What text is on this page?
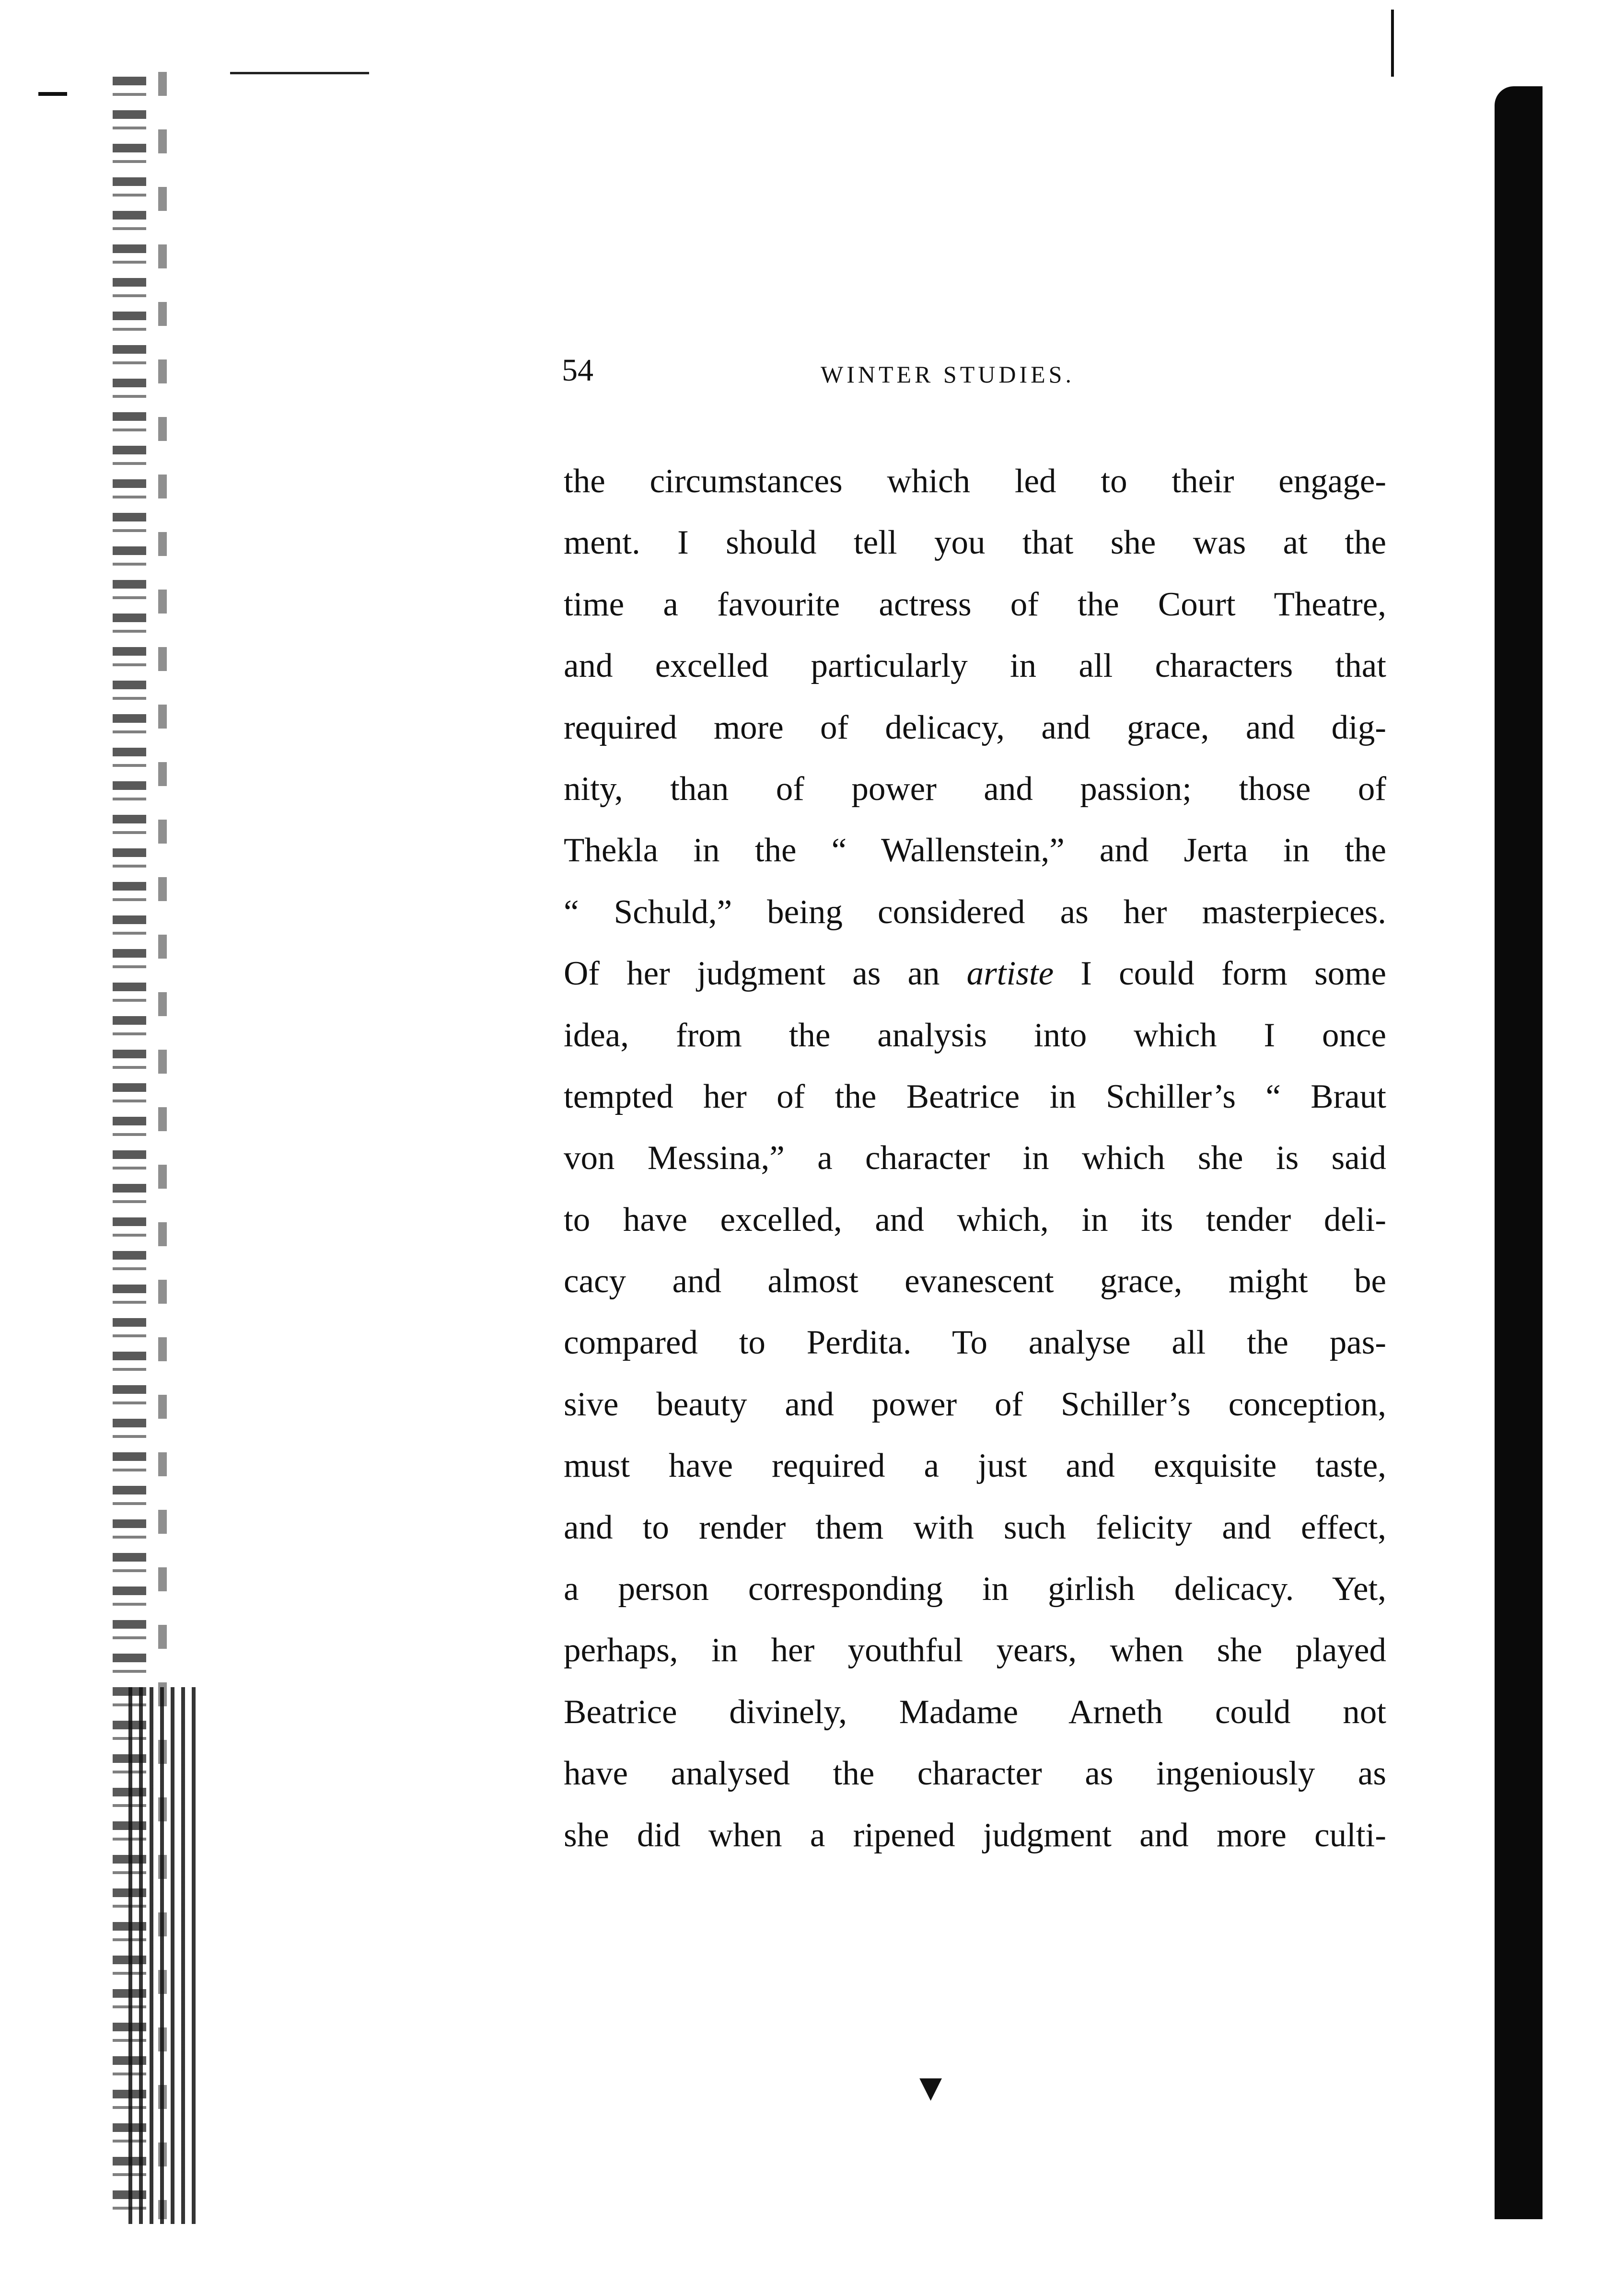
54	WINTER STUDIES.
the circumstances which led to their engage-
ment. I should tell you that she was at the
time a favourite actress of the Court Theatre,
and excelled particularly in all characters that
required more of delicacy, and grace, and dig-
nity, than of power and passion; those of
Thekla in the “ Wallenstein,” and Jerta in the
“ Schuld,” being considered as her masterpieces.
Of her judgment as an artiste I could form some
idea, from the analysis into which I once
tempted her of the Beatrice in Schiller’s “ Braut
von Messina,” a character in which she is said
to have excelled, and which, in its tender deli-
cacy and almost evanescent grace, might be
compared to Perdita. To analyse all the pas-
sive beauty and power of Schiller’s conception,
must have required a just and exquisite taste,
and to render them with such felicity and effect,
a person corresponding in girlish delicacy. Yet,
perhaps, in her youthful years, when she played
Beatrice divinely, Madame Arneth could not
have analysed the character as ingeniously as
she did when a ripened judgment and more culti-
▼
